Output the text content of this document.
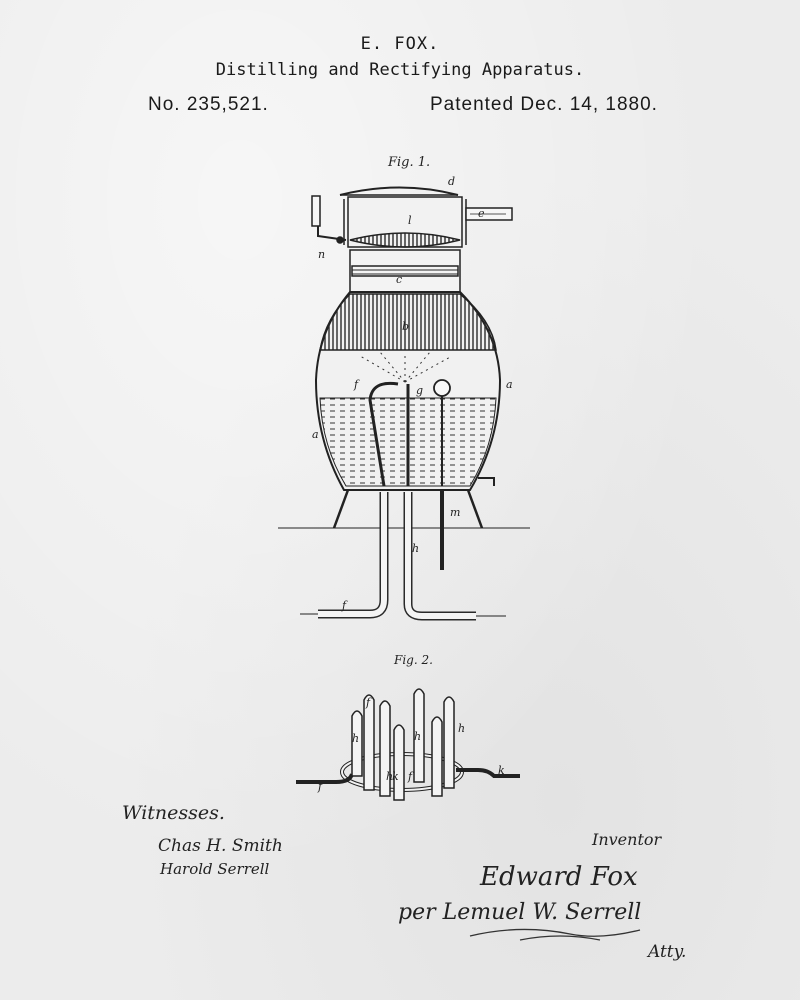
E. FOX.
Distilling and Rectifying Apparatus.
No. 235,521.	Patented Dec. 14, 1880.
Fig. 1.
d
e
l
n
c
b
f	g	a
a
h
m
f
Fig. 2.
f
h
h
h	k
f
h
f
k
Witnesses.
Chas H. Smith
Harold Serrell
Inventor
Edward Fox
per Lemuel W. Serrell
Atty.
